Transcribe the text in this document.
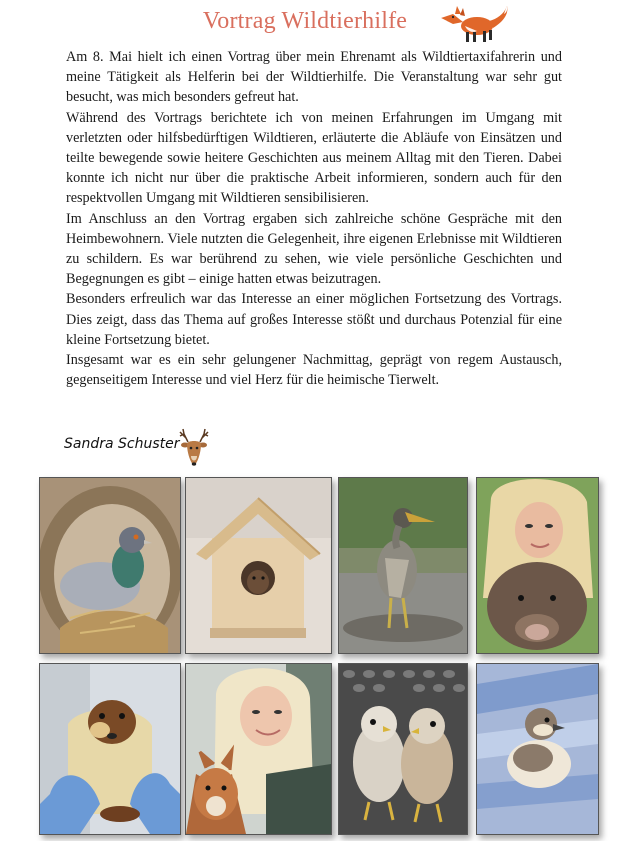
Vortrag Wildtierhilfe

Am 8. Mai hielt ich einen Vortrag über mein Ehrenamt als Wildtiertaxifahrerin und meine Tätigkeit als Helferin bei der Wildtierhilfe. Die Veranstaltung war sehr gut besucht, was mich besonders gefreut hat.

Während des Vortrags berichtete ich von meinen Erfahrungen im Umgang mit verletzten oder hilfsbedürftigen Wildtieren, erläuterte die Abläufe von Einsätzen und teilte bewegende sowie heitere Geschichten aus meinem Alltag mit den Tieren. Dabei konnte ich nicht nur über die praktische Arbeit informieren, sondern auch für den respektvollen Umgang mit Wildtieren sensibilisieren.

Im Anschluss an den Vortrag ergaben sich zahlreiche schöne Gespräche mit den Heimbewohnern. Viele nutzten die Gelegenheit, ihre eigenen Erlebnisse mit Wildtieren zu schildern. Es war berührend zu sehen, wie viele persönliche Geschichten und Begegnungen es gibt – einige hatten etwas beizutragen.

Besonders erfreulich war das Interesse an einer möglichen Fortsetzung des Vortrags. Dies zeigt, dass das Thema auf großes Interesse stößt und durchaus Potenzial für eine kleine Fortsetzung bietet.

Insgesamt war es ein sehr gelungener Nachmittag, geprägt von regem Austausch, gegenseitigem Interesse und viel Herz für die heimische Tierwelt.

Sandra Schuster
